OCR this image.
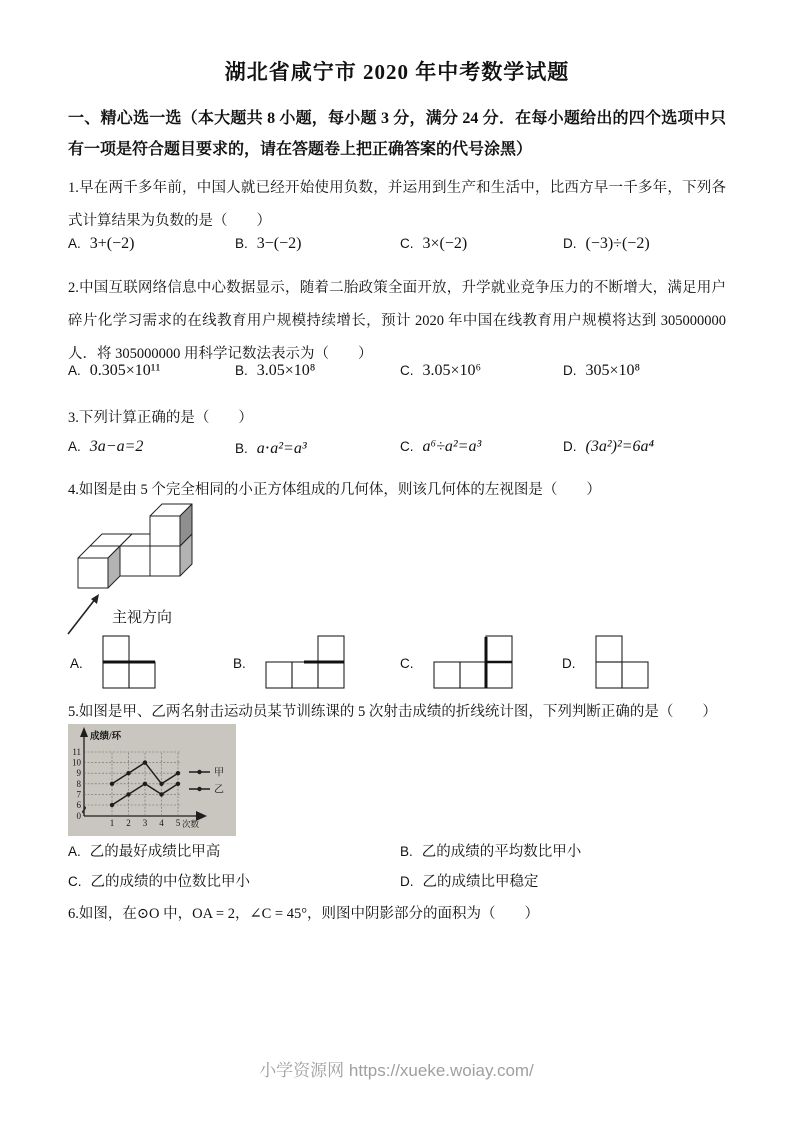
湖北省咸宁市 2020 年中考数学试题
一、精心选一选（本大题共 8 小题，每小题 3 分，满分 24 分．在每小题给出的四个选项中只有一项是符合题目要求的，请在答题卷上把正确答案的代号涂黑）
1.早在两千多年前，中国人就已经开始使用负数，并运用到生产和生活中，比西方早一千多年，下列各式计算结果为负数的是（　　）
A. 3+(−2)	B. 3−(−2)	C. 3×(−2)	D. (−3)÷(−2)
2.中国互联网络信息中心数据显示，随着二胎政策全面开放，升学就业竞争压力的不断增大，满足用户碎片化学习需求的在线教育用户规模持续增长，预计 2020 年中国在线教育用户规模将达到 305000000 人．将 305000000 用科学记数法表示为（　　）
A. 0.305×10¹¹	B. 3.05×10⁸	C. 3.05×10⁶	D. 305×10⁸
3.下列计算正确的是（　　）
A. 3a−a=2	B. a⋅a²=a³	C. a⁶÷a²=a³	D. (3a²)²=6a⁴
4.如图是由 5 个完全相同的小正方体组成的几何体，则该几何体的左视图是（　　）
主视方向
A.	B.	C.	D.
5.如图是甲、乙两名射击运动员某节训练课的 5 次射击成绩的折线统计图，下列判断正确的是（　　）
6
7
8
9
10
11
1 2 3 4 5
甲
乙
0
成绩/环
次数
A. 乙的最好成绩比甲高	B. 乙的成绩的平均数比甲小
C. 乙的成绩的中位数比甲小	D. 乙的成绩比甲稳定
6.如图，在⊙O 中，OA = 2，∠C = 45°，则图中阴影部分的面积为（　　）
小学资源网 https://xueke.woiay.com/
